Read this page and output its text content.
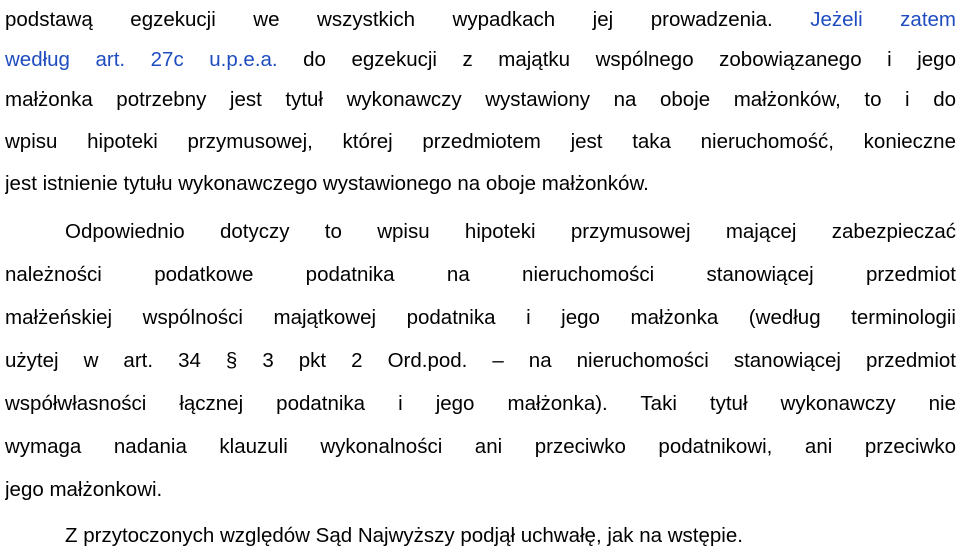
podstawą egzekucji we wszystkich wypadkach jej prowadzenia. Jeżeli zatem
według art. 27c u.p.e.a. do egzekucji z majątku wspólnego zobowiązanego i jego
małżonka potrzebny jest tytuł wykonawczy wystawiony na oboje małżonków, to i do
wpisu hipoteki przymusowej, której przedmiotem jest taka nieruchomość, konieczne
jest istnienie tytułu wykonawczego wystawionego na oboje małżonków.
Odpowiednio dotyczy to wpisu hipoteki przymusowej mającej zabezpieczać
należności podatkowe podatnika na nieruchomości stanowiącej przedmiot
małżeńskiej wspólności majątkowej podatnika i jego małżonka (według terminologii
użytej w art. 34 § 3 pkt 2 Ord.pod. – na nieruchomości stanowiącej przedmiot
współwłasności łącznej podatnika i jego małżonka). Taki tytuł wykonawczy nie
wymaga nadania klauzuli wykonalności ani przeciwko podatnikowi, ani przeciwko
jego małżonkowi.
Z przytoczonych względów Sąd Najwyższy podjął uchwałę, jak na wstępie.
